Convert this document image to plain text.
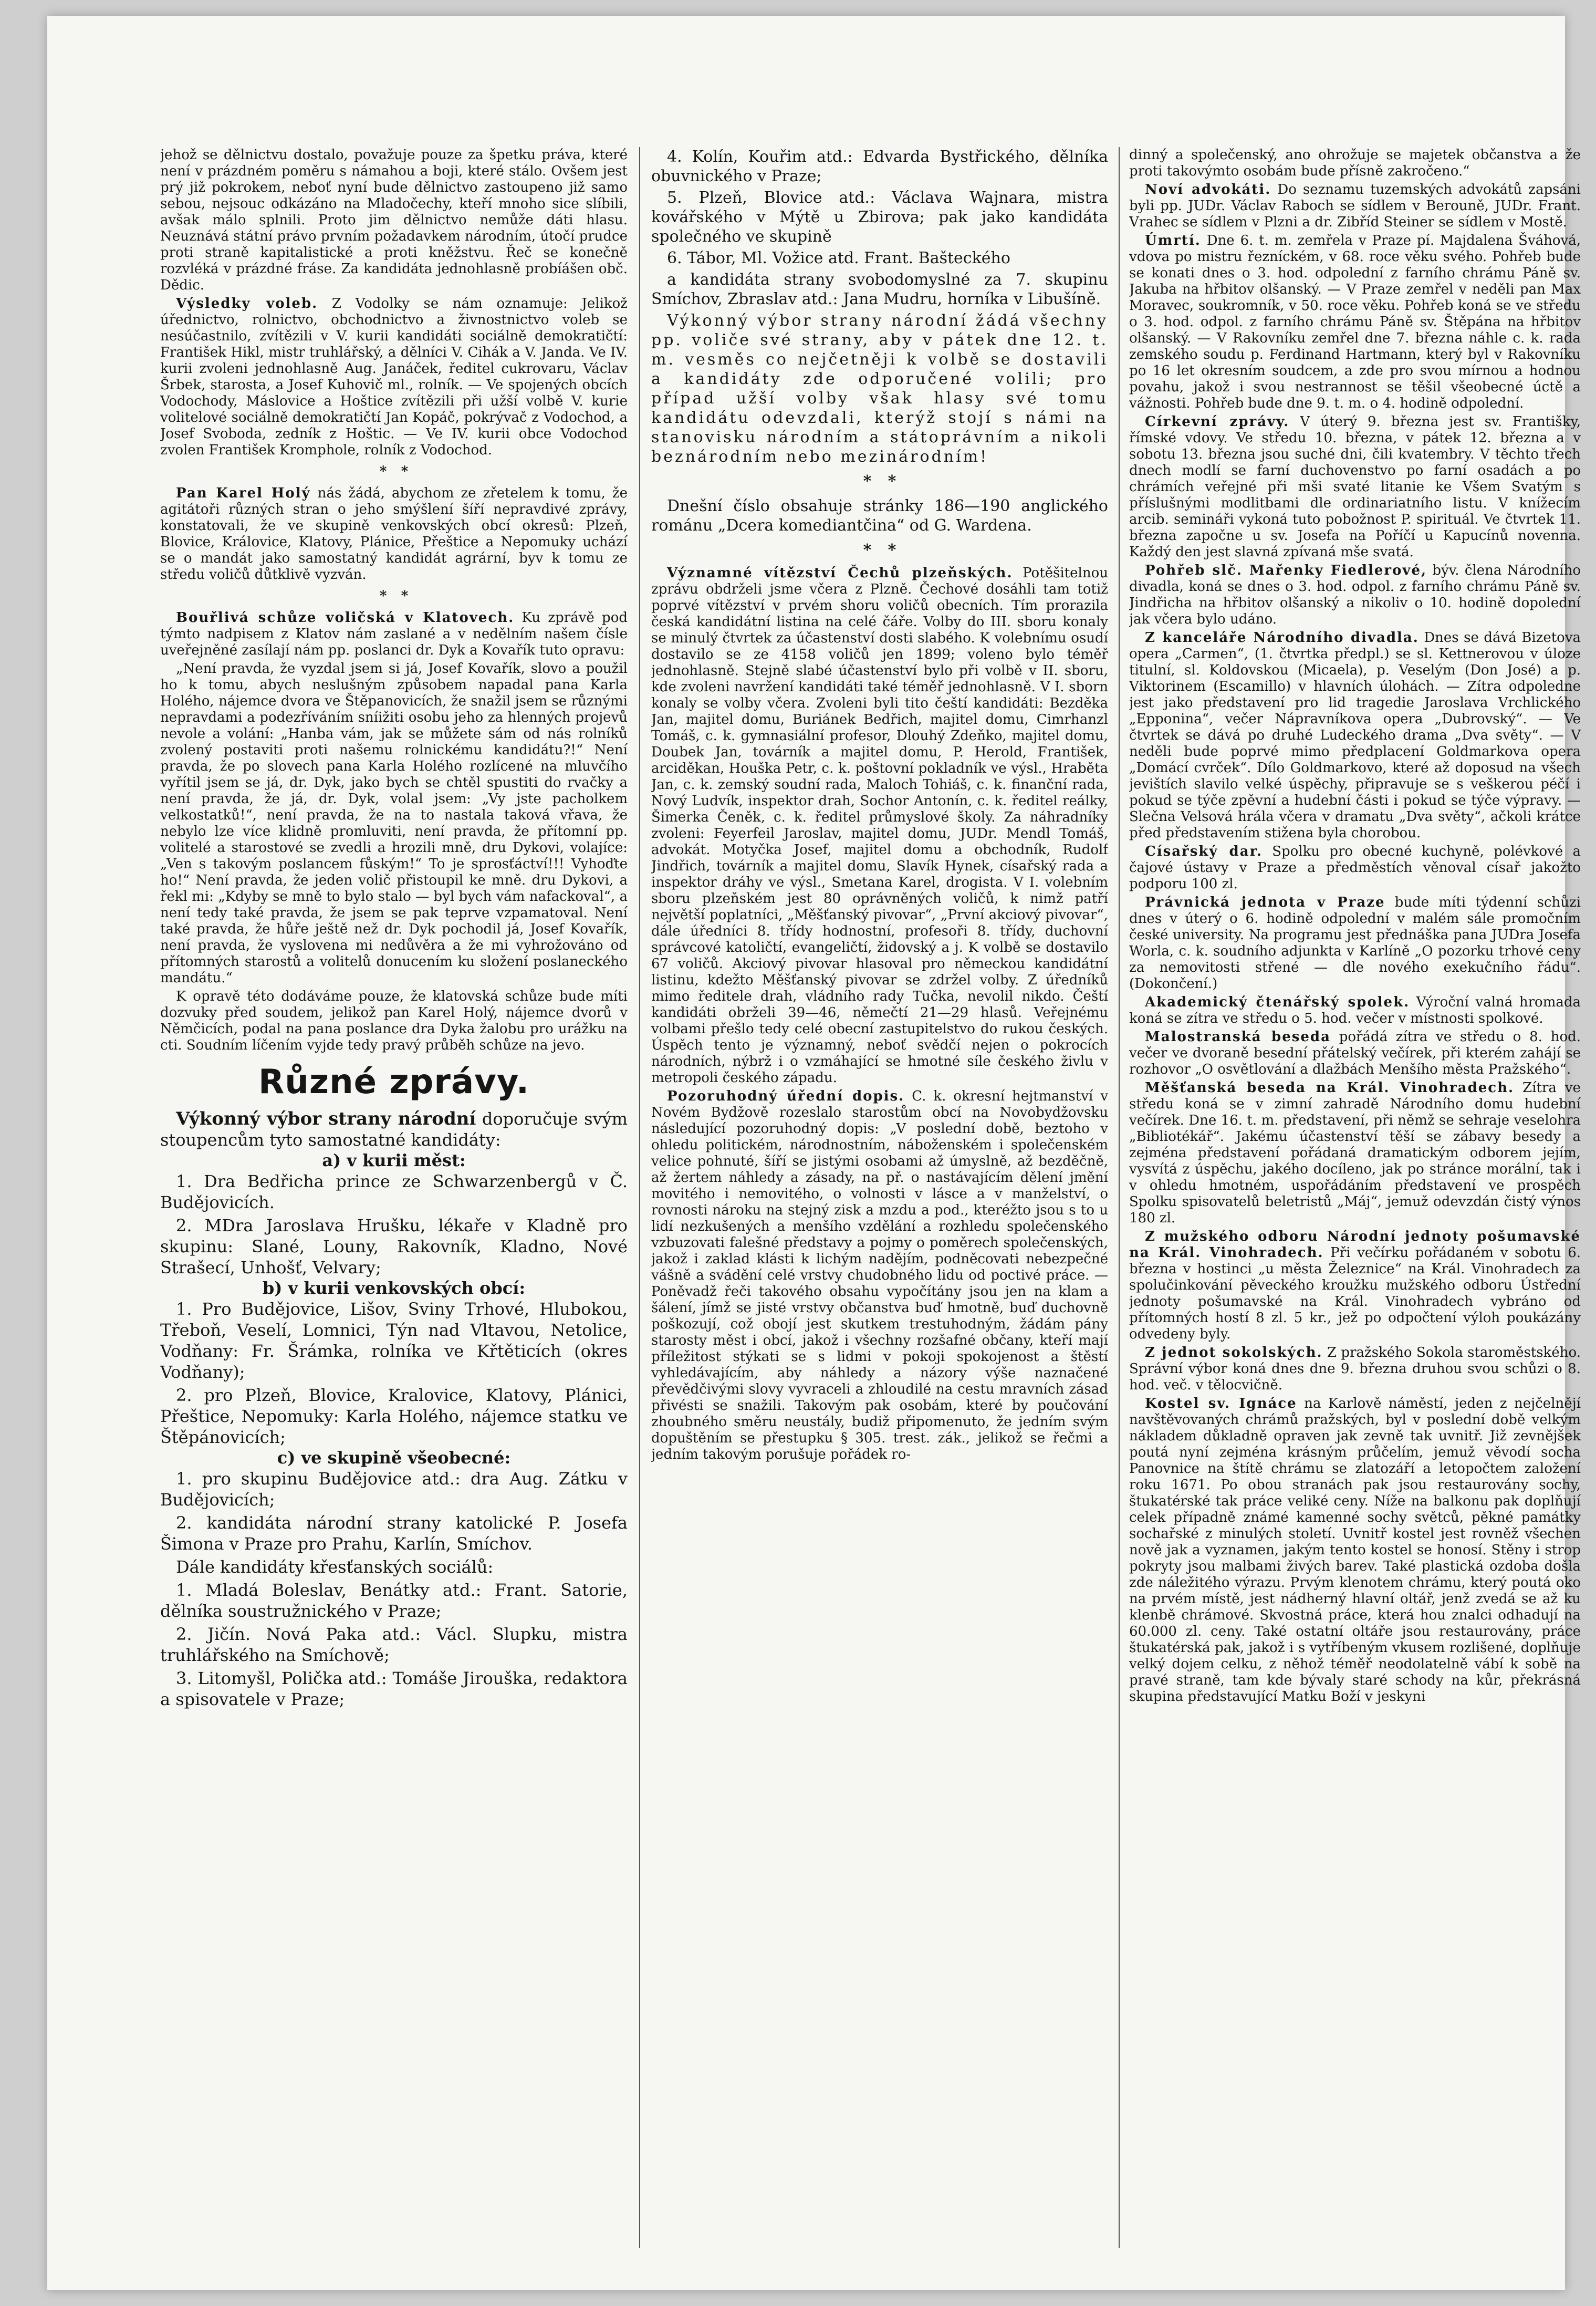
jehož se dělnictvu dostalo, považuje pouze za špetku práva, které není v prázdném poměru s námahou a boji, které stálo. Ovšem jest prý již pokrokem, neboť nyní bude dělnictvo zastoupeno již samo sebou, nejsouc odkázáno na Mladočechy, kteří mnoho sice slíbili, avšak málo splnili. Proto jim dělnictvo nemůže dáti hlasu. Neuznává státní právo prvním požadavkem národním, útočí prudce proti straně kapitalistické a proti kněžstvu. Řeč se konečně rozvléká v prázdné fráse. Za kandidáta jednohlasně probíášen obč. Dědic.

Výsledky voleb. Z Vodolky se nám oznamuje: Jelikož úřednictvo, rolnictvo, obchodnictvo a živnostnictvo voleb se nesúčastnilo, zvítězili v V. kurii kandidáti sociálně demokratičtí: František Hikl, mistr truhlářský, a dělníci V. Cihák a V. Janda. Ve IV. kurii zvoleni jednohlasně Aug. Janáček, ředitel cukrovaru, Václav Šrbek, starosta, a Josef Kuhovič ml., rolník. — Ve spojených obcích Vodochody, Máslovice a Hoštice zvítězili při užší volbě V. kurie volitelové sociálně demokratičtí Jan Kopáč, pokrývač z Vodochod, a Josef Svoboda, zedník z Hoštic. — Ve IV. kurii obce Vodochod zvolen František Kromphole, rolník z Vodochod.

*   *

Pan Karel Holý nás žádá, abychom ze zřetelem k tomu, že agitátoři různých stran o jeho smýšlení šíří nepravdivé zprávy, konstatovali, že ve skupině venkovských obcí okresů: Plzeň, Blovice, Královice, Klatovy, Plánice, Přeštice a Nepomuky uchází se o mandát jako samostatný kandidát agrární, byv k tomu ze středu voličů důtklivě vyzván.

*   *

Bouřlivá schůze voličská v Klatovech. Ku zprávě pod týmto nadpisem z Klatov nám zaslané a v nedělním našem čísle uveřejněné zasílají nám pp. poslanci dr. Dyk a Kovařík tuto opravu:

„Není pravda, že vyzdal jsem si já, Josef Kovařík, slovo a použil ho k tomu, abych neslušným způsobem napadal pana Karla Holého, nájemce dvora ve Štěpanovicích, že snažil jsem se různými nepravdami a podezříváním sníižiti osobu jeho za hlenných projevů nevole a volání: „Hanba vám, jak se můžete sám od nás rolníků zvolený postaviti proti našemu rolnickému kandidátu?!“ Není pravda, že po slovech pana Karla Holého rozlícené na mluvčího vyřítil jsem se já, dr. Dyk, jako bych se chtěl spustiti do rvačky a není pravda, že já, dr. Dyk, volal jsem: „Vy jste pacholkem velkostatků!“, není pravda, že na to nastala taková vřava, že nebylo lze více klidně promluviti, není pravda, že přítomní pp. volitelé a starostové se zvedli a hrozili mně, dru Dykovi, volajíce: „Ven s takovým poslancem fůským!“ To je sprosťáctví!!! Vyhoďte ho!“ Není pravda, že jeden volič přistoupil ke mně. dru Dykovi, a řekl mi: „Kdyby se mně to bylo stalo — byl bych vám nafackoval“, a není tedy také pravda, že jsem se pak teprve vzpamatoval. Není také pravda, že hůře ještě než dr. Dyk pochodil já, Josef Kovařík, není pravda, že vyslovena mi nedůvěra a že mi vyhrožováno od přítomných starostů a volitelů donucením ku složení poslaneckého mandátu.“

K opravě této dodáváme pouze, že klatovská schůze bude míti dozvuky před soudem, jelikož pan Karel Holý, nájemce dvorů v Němčicích, podal na pana poslance dra Dyka žalobu pro urážku na cti. Soudním líčením vyjde tedy pravý průběh schůze na jevo.

Různé zprávy.

Výkonný výbor strany národní doporučuje svým stoupencům tyto samostatné kandidáty:

a) v kurii měst:

1. Dra Bedřicha prince ze Schwarzenbergů v Č. Budějovicích.

2. MDra Jaroslava Hrušku, lékaře v Kladně pro skupinu: Slané, Louny, Rakovník, Kladno, Nové Strašecí, Unhošť, Velvary;

b) v kurii venkovských obcí:

1. Pro Budějovice, Lišov, Sviny Trhové, Hlubokou, Třeboň, Veselí, Lomnici, Týn nad Vltavou, Netolice, Vodňany: Fr. Šrámka, rolníka ve Křtěticích (okres Vodňany);

2. pro Plzeň, Blovice, Kralovice, Klatovy, Plánici, Přeštice, Nepomuky: Karla Holého, nájemce statku ve Štěpánovicích;

c) ve skupině všeobecné:

1. pro skupinu Budějovice atd.: dra Aug. Zátku v Budějovicích;

2. kandidáta národní strany katolické P. Josefa Šimona v Praze pro Prahu, Karlín, Smíchov.

Dále kandidáty křesťanských sociálů:

1. Mladá Boleslav, Benátky atd.: Frant. Satorie, dělníka soustružnického v Praze;

2. Jičín. Nová Paka atd.: Václ. Slupku, mistra truhlářského na Smíchově;

3. Litomyšl, Polička atd.: Tomáše Jirouška, redaktora a spisovatele v Praze;

4. Kolín, Kouřim atd.: Edvarda Bystřického, dělníka obuvnického v Praze;

5. Plzeň, Blovice atd.: Václava Wajnara, mistra kovářského v Mýtě u Zbirova; pak jako kandidáta společného ve skupině

6. Tábor, Ml. Vožice atd. Frant. Bašteckého

a kandidáta strany svobodomyslné za 7. skupinu Smíchov, Zbraslav atd.: Jana Mudru, horníka v Libušíně.

Výkonný výbor strany národní žádá všechny pp. voliče své strany, aby v pátek dne 12. t. m. vesměs co nejčetněji k volbě se dostavili a kandidáty zde odporučené volili; pro případ užší volby však hlasy své tomu kandidátu odevzdali, kterýž stojí s námi na stanovisku národním a státoprávním a nikoli beznárodním nebo mezinárodním!

*   *

Dnešní číslo obsahuje stránky 186—190 anglického románu „Dcera komediantčina“ od G. Wardena.

*   *

Významné vítězství Čechů plzeňských. Potěšitelnou zprávu obdrželi jsme včera z Plzně. Čechové dosáhli tam totiž poprvé vítězství v prvém shoru voličů obecních. Tím prorazila česká kandidátní listina na celé čáře. Volby do III. sboru konaly se minulý čtvrtek za účastenství dosti slabého. K volebnímu osudí dostavilo se ze 4158 voličů jen 1899; voleno bylo téměř jednohlasně. Stejně slabé účastenství bylo při volbě v II. sboru, kde zvoleni navržení kandidáti také téměř jednohlasně. V I. sborn konaly se volby včera. Zvoleni byli tito čeští kandidáti: Bezděka Jan, majitel domu, Buriánek Bedřich, majitel domu, Cimrhanzl Tomáš, c. k. gymnasiální profesor, Dlouhý Zdeňko, majitel domu, Doubek Jan, továrník a majitel domu, P. Herold, František, arciděkan, Houška Petr, c. k. poštovní pokladník ve výsl., Hraběta Jan, c. k. zemský soudní rada, Maloch Tohiáš, c. k. finanční rada, Nový Ludvík, inspektor drah, Sochor Antonín, c. k. ředitel reálky, Šimerka Čeněk, c. k. ředitel průmyslové školy. Za náhradníky zvoleni: Feyerfeil Jaroslav, majitel domu, JUDr. Mendl Tomáš, advokát. Motyčka Josef, majitel domu a obchodník, Rudolf Jindřich, továrník a majitel domu, Slavík Hynek, císařský rada a inspektor dráhy ve výsl., Smetana Karel, drogista. V I. volebním sboru plzeňském jest 80 oprávněných voličů, k nimž patří největší poplatníci, „Měšťanský pivovar“, „První akciový pivovar“, dále úředníci 8. třídy hodnostní, profesoři 8. třídy, duchovní správcové katoličtí, evangeličtí, židovský a j. K volbě se dostavilo 67 voličů. Akciový pivovar hlasoval pro německou kandidátní listinu, kdežto Měšťanský pivovar se zdržel volby. Z úředníků mimo ředitele drah, vládního rady Tučka, nevolil nikdo. Čeští kandidáti obrželi 39—46, němečtí 21—29 hlasů. Veřejnému volbami přešlo tedy celé obecní zastupitelstvo do rukou českých. Úspěch tento je významný, neboť svědčí nejen o pokrocích národních, nýbrž i o vzmáhající se hmotné síle českého živlu v metropoli českého západu.

Pozoruhodný úřední dopis. C. k. okresní hejtmanství v Novém Bydžově rozeslalo starostům obcí na Novobydžovsku následující pozoruhodný dopis: „V poslední době, beztoho v ohledu politickém, národnostním, náboženském i společenském velice pohnuté, šíří se jistými osobami až úmyslně, až bezděčně, až žertem náhledy a zásady, na př. o nastávajícím dělení jmění movitého i nemovitého, o volnosti v lásce a v manželství, o rovnosti nároku na stejný zisk a mzdu a pod., kteréžto jsou s to u lidí nezkušených a menšího vzdělání a rozhledu společenského vzbuzovati falešné představy a pojmy o poměrech společenských, jakož i zaklad klásti k lichým nadějím, podněcovati nebezpečné vášně a svádění celé vrstvy chudobného lidu od poctivé práce. — Poněvadž řeči takového obsahu vypočítány jsou jen na klam a šálení, jímž se jisté vrstvy občanstva buď hmotně, buď duchovně poškozují, což obojí jest skutkem trestuhodným, žádám pány starosty měst i obcí, jakož i všechny rozšafné občany, kteří mají příležitost stýkati se s lidmi v pokoji spokojenost a štěstí vyhledávajícím, aby náhledy a názory výše naznačené převědčivými slovy vyvraceli a zhloudilé na cestu mravních zásad přivésti se snažili. Takovým pak osobám, které by poučování zhoubného směru neustály, budiž připomenuto, že jedním svým dopuštěním se přestupku § 305. trest. zák., jelikož se řečmi a jedním takovým porušuje pořádek ro-

dinný a společenský, ano ohrožuje se majetek občanstva a že proti takovýmto osobám bude přísně zakročeno.“

Noví advokáti. Do seznamu tuzemských advokátů zapsáni byli pp. JUDr. Václav Raboch se sídlem v Berouně, JUDr. Frant. Vrahec se sídlem v Plzni a dr. Zibříd Steiner se sídlem v Mostě.

Úmrtí. Dne 6. t. m. zemřela v Praze pí. Majdalena Šváhová, vdova po mistru řezníckém, v 68. roce věku svého. Pohřeb bude se konati dnes o 3. hod. odpolední z farního chrámu Páně sv. Jakuba na hřbitov olšanský. — V Praze zemřel v neděli pan Max Moravec, soukromník, v 50. roce věku. Pohřeb koná se ve středu o 3. hod. odpol. z farního chrámu Páně sv. Štěpána na hřbitov olšanský. — V Rakovníku zemřel dne 7. března náhle c. k. rada zemského soudu p. Ferdinand Hartmann, který byl v Rakovníku po 16 let okresním soudcem, a zde pro svou mírnou a hodnou povahu, jakož i svou nestrannost se těšil všeobecné úctě a vážnosti. Pohřeb bude dne 9. t. m. o 4. hodině odpolední.

Církevní zprávy. V úterý 9. března jest sv. Františky, římské vdovy. Ve středu 10. března, v pátek 12. března a v sobotu 13. března jsou suché dni, čili kvatembry. V těchto třech dnech modlí se farní duchovenstvo po farní osadách a po chrámích veřejné při mši svaté litanie ke Všem Svatým s příslušnými modlitbami dle ordinariatního listu. V knížecím arcib. semináři vykoná tuto pobožnost P. spirituál. Ve čtvrtek 11. března započne u sv. Josefa na Poříčí u Kapucínů novenna. Každý den jest slavná zpívaná mše svatá.

Pohřeb slč. Mařenky Fiedlerové, býv. člena Národního divadla, koná se dnes o 3. hod. odpol. z farního chrámu Páně sv. Jindřicha na hřbitov olšanský a nikoliv o 10. hodině dopolední jak včera bylo udáno.

Z kanceláře Národního divadla. Dnes se dává Bizetova opera „Carmen“, (1. čtvrtka předpl.) se sl. Kettnerovou v úloze titulní, sl. Koldovskou (Micaela), p. Veselým (Don José) a p. Viktorinem (Escamillo) v hlavních úlohách. — Zítra odpoledne jest jako představení pro lid tragedie Jaroslava Vrchlického „Epponina“, večer Nápravníkova opera „Dubrovský“. — Ve čtvrtek se dává po druhé Ludeckého drama „Dva světy“. — V neděli bude poprvé mimo předplacení Goldmarkova opera „Domácí cvrček“. Dílo Goldmarkovo, které až doposud na všech jevištích slavilo velké úspěchy, připravuje se s veškerou péčí i pokud se týče zpěvní a hudební části i pokud se týče výpravy. — Slečna Velsová hrála včera v dramatu „Dva světy“, ačkoli krátce před představením stižena byla chorobou.

Císařský dar. Spolku pro obecné kuchyně, polévkové a čajové ústavy v Praze a předměstích věnoval císař jakožto podporu 100 zl.

Právnická jednota v Praze bude míti týdenní schůzi dnes v úterý o 6. hodině odpolední v malém sále promočním české university. Na programu jest přednáška pana JUDra Josefa Worla, c. k. soudního adjunkta v Karlíně „O pozorku trhové ceny za nemovitosti střené — dle nového exekučního řádu“. (Dokončení.)

Akademický čtenářský spolek. Výroční valná hromada koná se zítra ve středu o 5. hod. večer v místnosti spolkové.

Malostranská beseda pořádá zítra ve středu o 8. hod. večer ve dvoraně besední přátelský večírek, při kterém zahájí se rozhovor „O osvětlování a dlažbách Menšího města Pražského“.

Měšťanská beseda na Král. Vinohradech. Zítra ve středu koná se v zimní zahradě Národního domu hudební večírek. Dne 16. t. m. představení, při němž se sehraje veselohra „Bibliotékář“. Jakému účastenství těší se zábavy besedy a zejména představení pořádaná dramatickým odborem jejím, vysvítá z úspěchu, jakého docíleno, jak po stránce morální, tak i v ohledu hmotném, uspořádáním představení ve prospěch Spolku spisovatelů beletristů „Máj“, jemuž odevzdán čistý výnos 180 zl.

Z mužského odboru Národní jednoty pošumavské na Král. Vinohradech. Při večírku pořádaném v sobotu 6. března v hostinci „u města Železnice“ na Král. Vinohradech za spolučinkování pěveckého kroužku mužského odboru Ústřední jednoty pošumavské na Král. Vinohradech vybráno od přítomných hostí 8 zl. 5 kr., jež po odpočtení výloh poukázány odvedeny byly.

Z jednot sokolských. Z pražského Sokola staroměstského. Správní výbor koná dnes dne 9. března druhou svou schůzi o 8. hod. več. v tělocvičně.

Kostel sv. Ignáce na Karlově náměstí, jeden z nejčelnějí navštěvovaných chrámů pražských, byl v poslední době velkým nákladem důkladně opraven jak zevně tak uvnitř. Již zevnějšek poutá nyní zejména krásným průčelím, jemuž věvodí socha Panovnice na štítě chrámu se zlatozáří a letopočtem založení roku 1671. Po obou stranách pak jsou restaurovány sochy, štukatérské tak práce veliké ceny. Níže na balkonu pak doplňují celek případně známé kamenné sochy světců, pěkné památky sochařské z minulých století. Uvnitř kostel jest rovněž všechen nově jak a vyznamen, jakým tento kostel se honosí. Stěny i strop pokryty jsou malbami živých barev. Také plastická ozdoba došla zde náležitého výrazu. Prvým klenotem chrámu, který poutá oko na prvém místě, jest nádherný hlavní oltář, jenž zvedá se až ku klenbě chrámové. Skvostná práce, která hou znalci odhadují na 60.000 zl. ceny. Také ostatní oltáře jsou restaurovány, práce štukatérská pak, jakož i s vytříbeným vkusem rozlišené, doplňuje velký dojem celku, z něhož téměř neodolatelně vábí k sobě na pravé straně, tam kde bývaly staré schody na kůr, překrásná skupina představující Matku Boží v jeskyni
